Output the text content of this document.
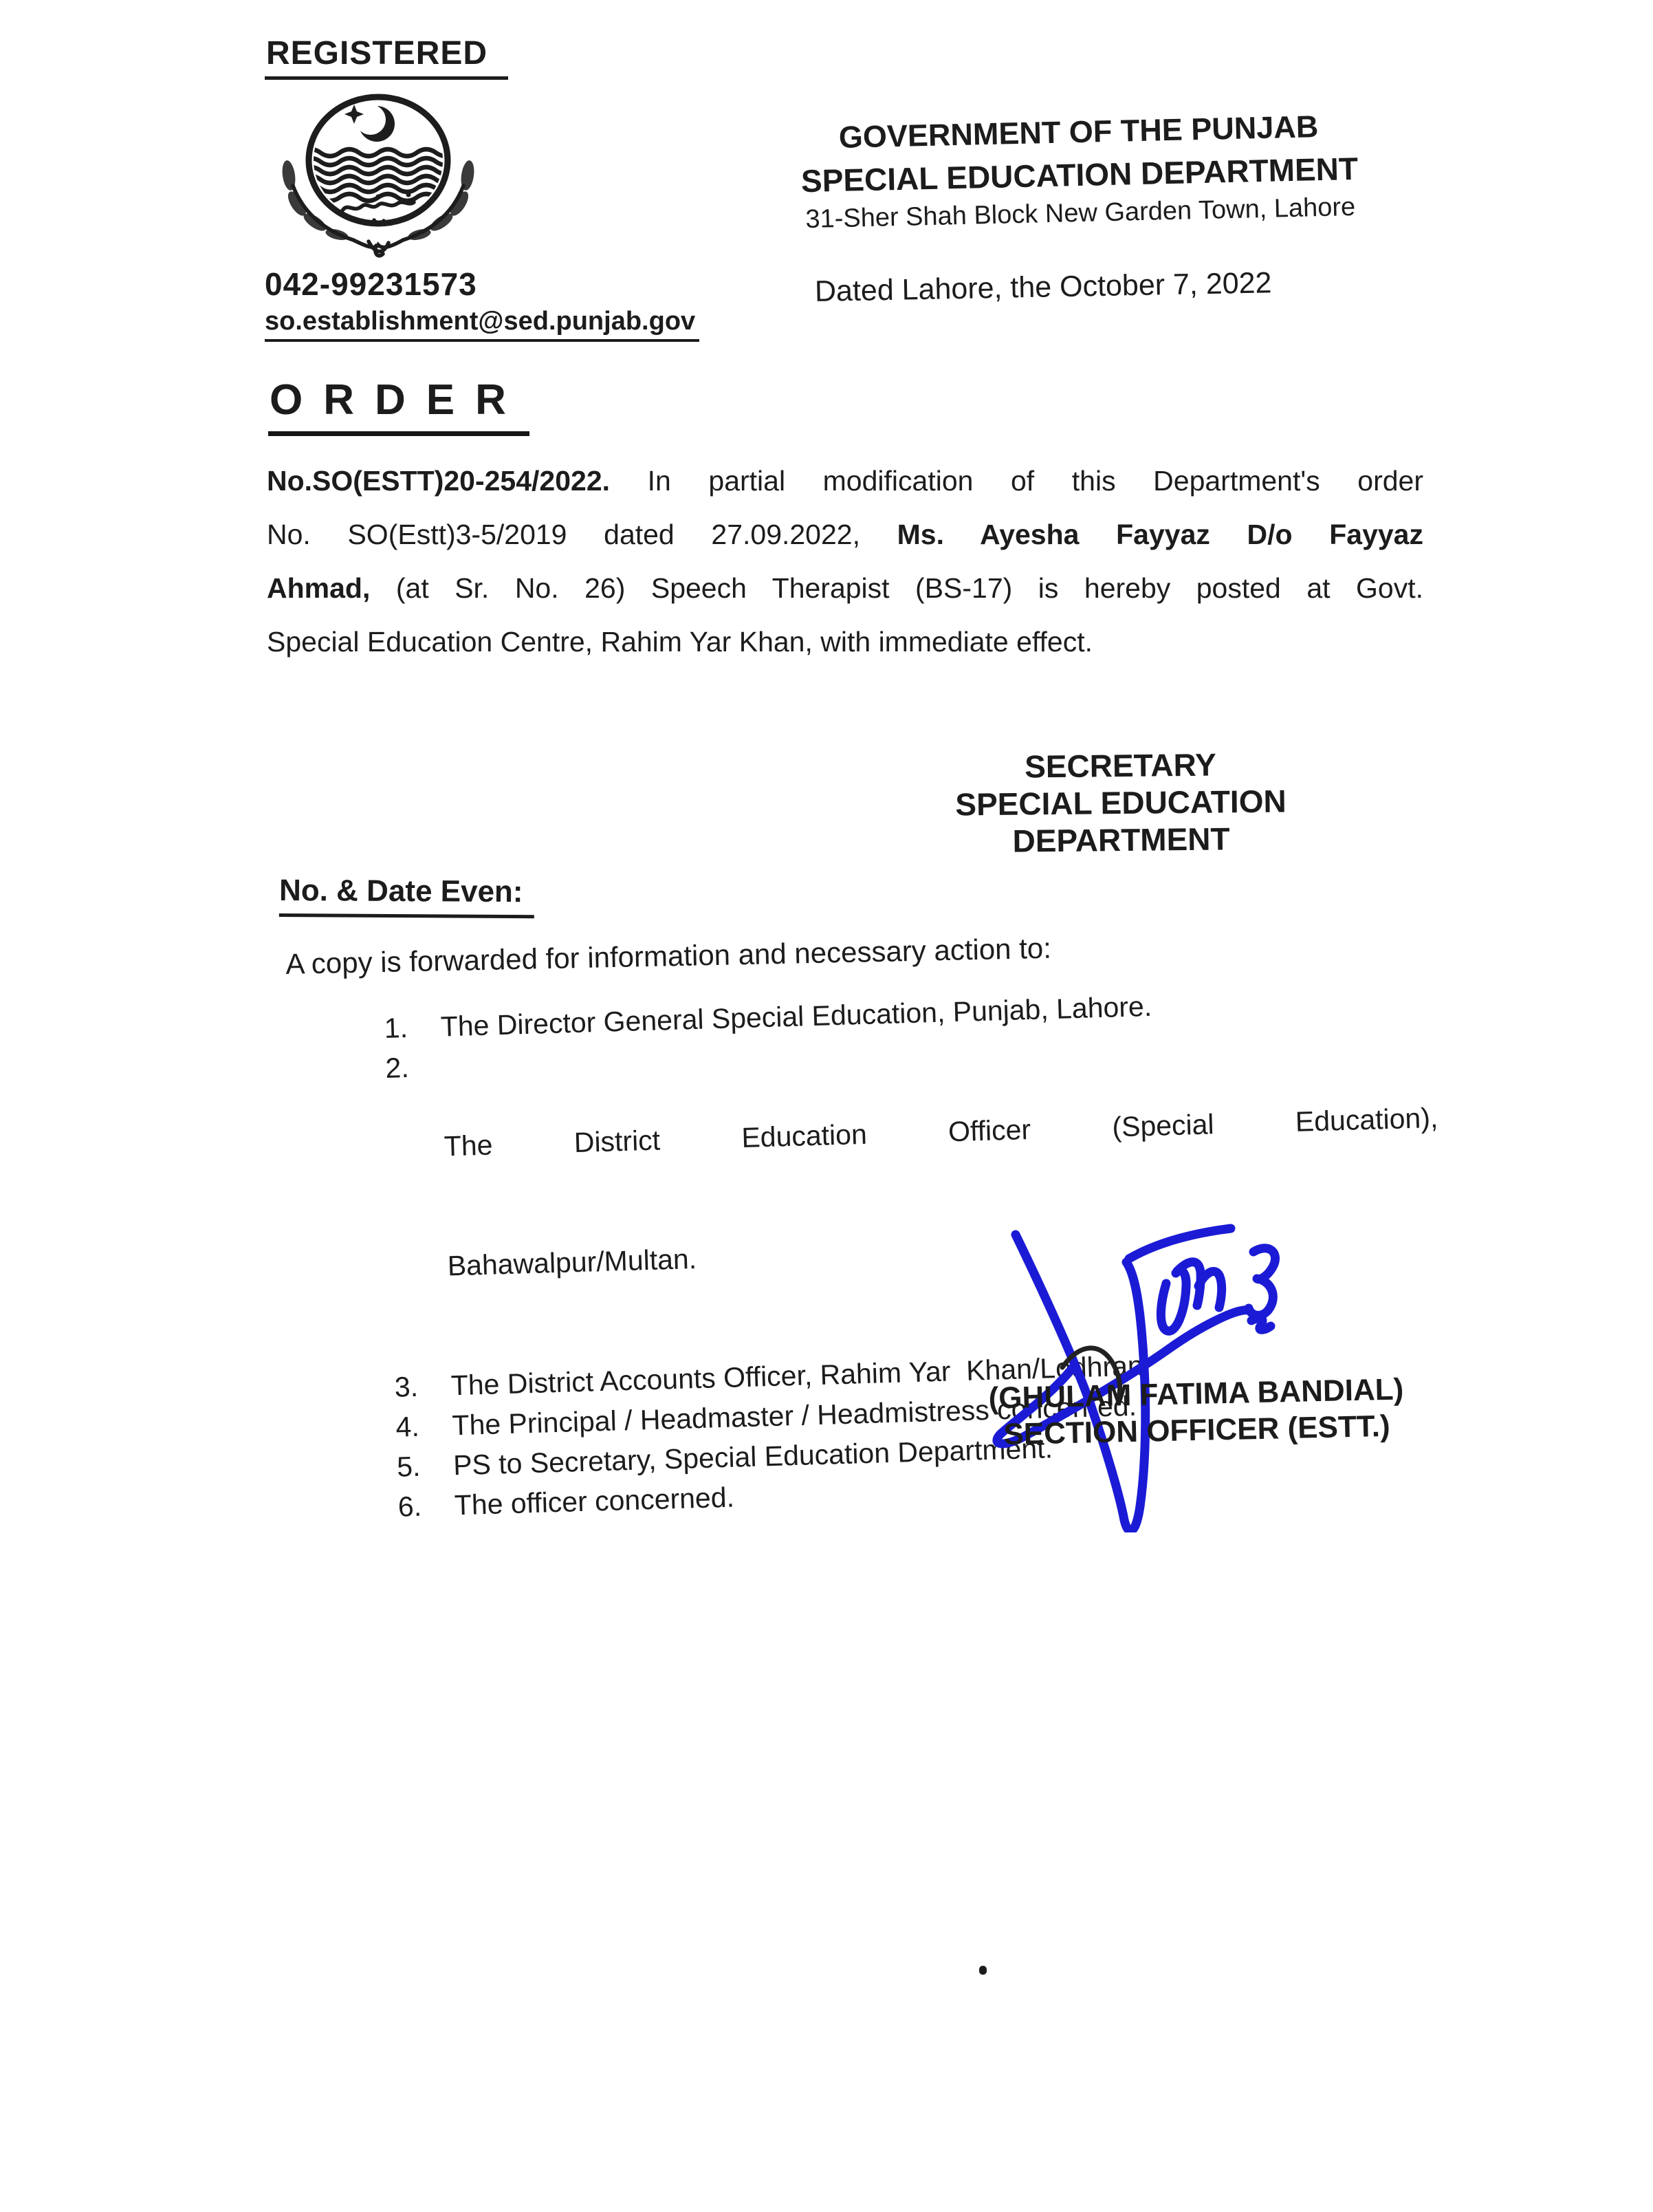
REGISTERED
042-99231573
so.establishment@sed.punjab.gov
GOVERNMENT OF THE PUNJAB
SPECIAL EDUCATION DEPARTMENT
31-Sher Shah Block New Garden Town, Lahore
Dated Lahore, the October 7, 2022
ORDER
No.SO(ESTT)20-254/2022. In partial modification of this Department's order
No. SO(Estt)3-5/2019 dated 27.09.2022, Ms. Ayesha Fayyaz D/o Fayyaz
Ahmad, (at Sr. No. 26) Speech Therapist (BS-17) is hereby posted at Govt.
Special Education Centre, Rahim Yar Khan, with immediate effect.
SECRETARY
SPECIAL EDUCATION
DEPARTMENT
No. & Date Even:
A copy is forwarded for information and necessary action to:
1.	The Director General Special Education, Punjab, Lahore.
2.

The District Education Officer (Special Education),

Bahawalpur/Multan.

3.	The District Accounts Officer, Rahim Yar  Khan/Lodhran.
4.	The Principal / Headmaster / Headmistress concerned.
5.	PS to Secretary, Special Education Department.
6.	The officer concerned.
(GHULAM FATIMA BANDIAL)
SECTION OFFICER (ESTT.)
